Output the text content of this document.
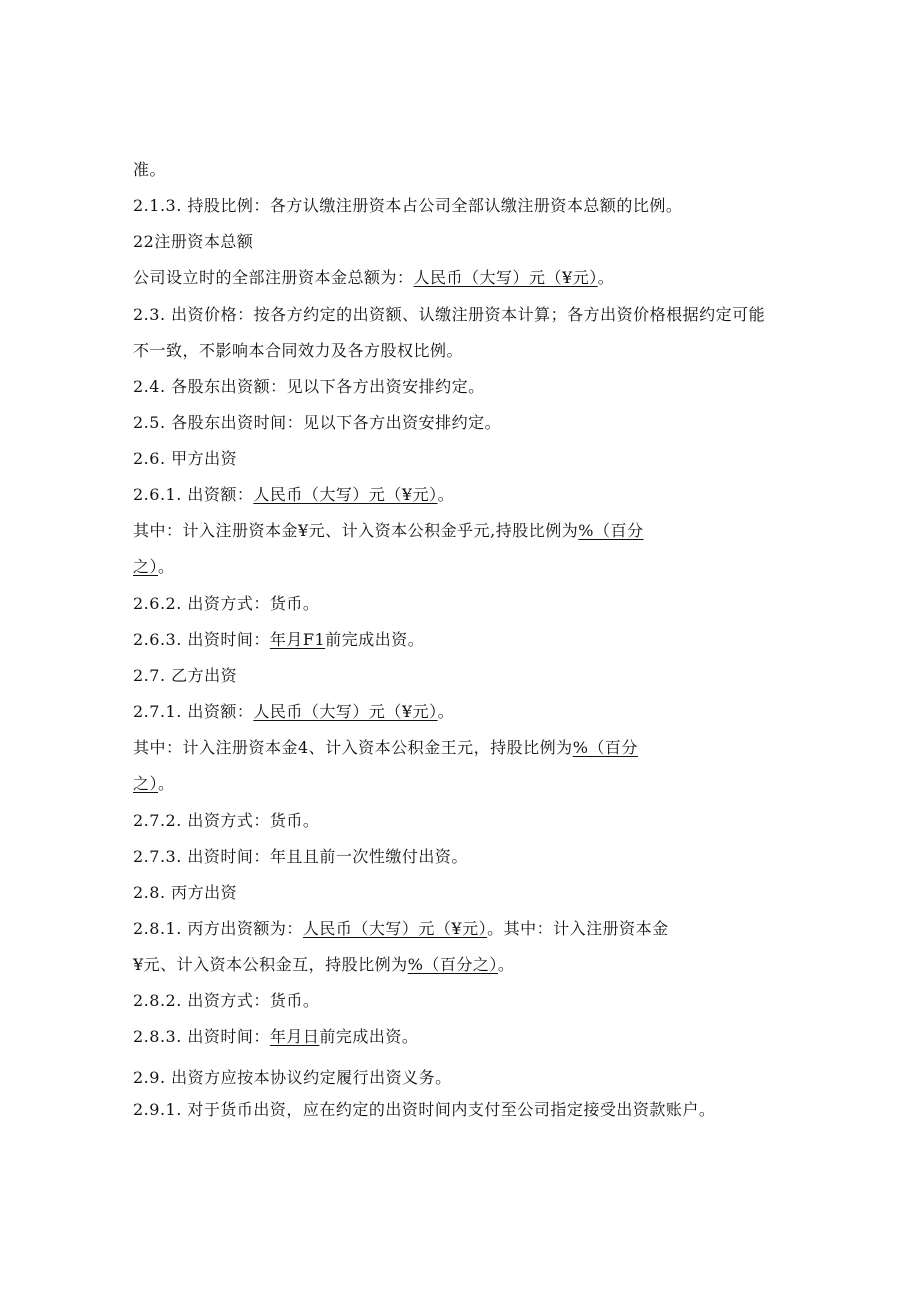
准。
2.1.3. 持股比例：各方认缴注册资本占公司全部认缴注册资本总额的比例。
22注册资本总额
公司设立时的全部注册资本金总额为：人民币（大写）元（¥元）。
2.3. 出资价格：按各方约定的出资额、认缴注册资本计算；各方出资价格根据约定可能
不一致，不影响本合同效力及各方股权比例。
2.4. 各股东出资额：见以下各方出资安排约定。
2.5. 各股东出资时间：见以下各方出资安排约定。
2.6. 甲方出资
2.6.1. 出资额：人民币（大写）元（¥元）。
其中：计入注册资本金¥元、计入资本公积金乎元,持股比例为%（百分
之）。
2.6.2. 出资方式：货币。
2.6.3. 出资时间：年月F1前完成出资。
2.7. 乙方出资
2.7.1. 出资额：人民币（大写）元（¥元）。
其中：计入注册资本金4、计入资本公积金王元，持股比例为%（百分
之）。
2.7.2. 出资方式：货币。
2.7.3. 出资时间：年且且前一次性缴付出资。
2.8. 丙方出资
2.8.1. 丙方出资额为：人民币（大写）元（¥元）。其中：计入注册资本金
¥元、计入资本公积金互，持股比例为%（百分之）。
2.8.2. 出资方式：货币。
2.8.3. 出资时间：年月日前完成出资。
2.9. 出资方应按本协议约定履行出资义务。
2.9.1. 对于货币出资，应在约定的出资时间内支付至公司指定接受出资款账户。
